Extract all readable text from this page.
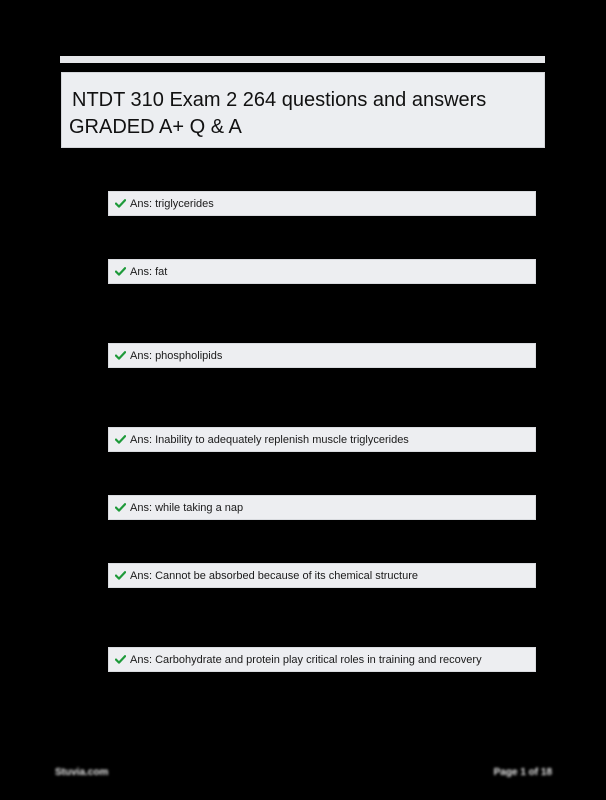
NTDT 310 Exam 2 264 questions and answers
GRADED A+ Q & A
Ans: triglycerides
Ans: fat
Ans: phospholipids
Ans: Inability to adequately replenish muscle triglycerides
Ans: while taking a nap
Ans: Cannot be absorbed because of its chemical structure
Ans: Carbohydrate and protein play critical roles in training and recovery
Stuvia.com	Page 1 of 18
